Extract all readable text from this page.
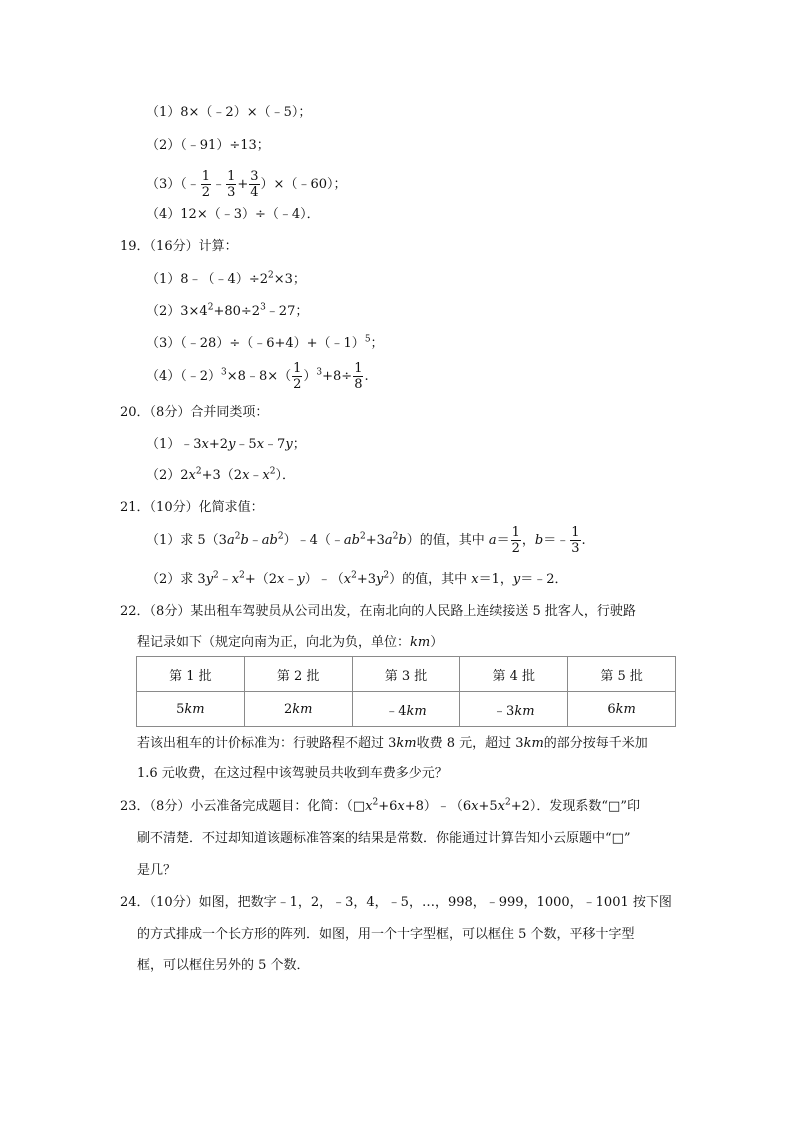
（1）8×（﹣2）×（﹣5）；
（2）（﹣91）÷13；
（3）（﹣ $\frac{1}{2}$ ﹣ $\frac{1}{3} + \frac{3}{4}$ ）×（﹣60）；
（4）12×（﹣3）÷（﹣4）．
19．（16分）计算：
$(1)8﹣(﹣4)\div 2^2\times 3$；
$(2)3\times 4^2+80\div 2^3﹣27$；
（3）（﹣28）÷（﹣6+4）+（﹣1）$^5$；
（4）（﹣2）$^3$×8﹣8×（ $\frac{1}{2} )^3+8\div \frac{1}{8}$ .
20．（8分）合并同类项：
（1）﹣3x+2y﹣5x﹣7y；
$(2)2x^2+3(2x﹣x^2)$．
21．（10分）化简求值：
（1）求 $5(3a^2b﹣ab^2)﹣4(﹣ab^2+3a^2b)$的值，其中 $a= \frac{1}{2}$ ，b＝﹣ $\frac{1}{3}$ .
（2）求 $3y^2﹣x^2+(2x﹣y)﹣(x^2+3y^2)$的值，其中 x＝1，y＝﹣2．
22．（8分）某出租车驾驶员从公司出发，在南北向的人民路上连续接送 5 批客人，行驶路
程记录如下（规定向南为正，向北为负，单位：km）
第 1 批	第 2 批	第 3 批	第 4 批	第 5 批
5km	2km	﹣4km	﹣3km	6km
若该出租车的计价标准为：行驶路程不超过 3km收费 8 元，超过 3km的部分按每千米加
1.6 元收费，在这过程中该驾驶员共收到车费多少元？
23．（8分）小云准备完成题目：化简：$(□x^2+6x+8)﹣(6x+5x^2+2)$．发现系数“□”印
刷不清楚．不过却知道该题标准答案的结果是常数．你能通过计算告知小云原题中“□”
是几？
24．（10分）如图，把数字﹣1，2，﹣3，4，﹣5，…，998，﹣999，1000，﹣1001 按下图
的方式排成一个长方形的阵列．如图，用一个十字型框，可以框住 5 个数，平移十字型
框，可以框住另外的 5 个数．
